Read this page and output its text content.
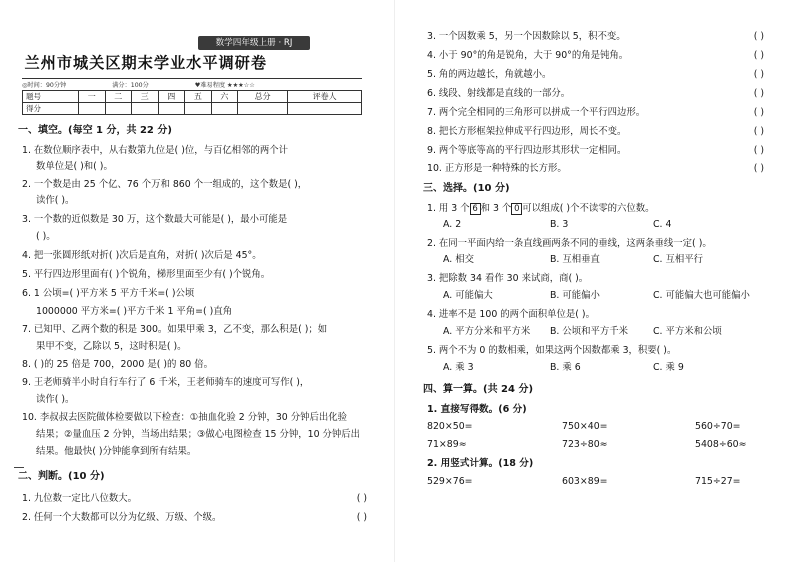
数学四年级上册 · RJ
兰州市城关区期末学业水平调研卷
◎时间：90分钟	满分：100分	♥难易程度 ★★★☆☆
题号	一	二	三	四	五	六	总分	评卷人
得分								
一、填空。(每空 1 分，共 22 分)
1. 在数位顺序表中，从右数第九位是( )位，与百亿相邻的两个计
数单位是( )和( )。
2. 一个数是由 25 个亿、76 个万和 860 个一组成的，这个数是( )，
读作( )。
3. 一个数的近似数是 30 万，这个数最大可能是( )，最小可能是
( )。
4. 把一张圆形纸对折( )次后是直角，对折( )次后是 45°。
5. 平行四边形里面有( )个锐角，梯形里面至少有( )个锐角。
6. 1 公顷=( )平方米 5 平方千米=( )公顷
1000000 平方米=( )平方千米 1 平角=( )直角
7. 已知甲、乙两个数的积是 300。如果甲乘 3，乙不变，那么积是( )；如
果甲不变，乙除以 5，这时积是( )。
8. ( )的 25 倍是 700，2000 是( )的 80 倍。
9. 王老师骑半小时自行车行了 6 千米，王老师骑车的速度可写作( )，
读作( )。
10. 李叔叔去医院做体检要做以下检查：①抽血化验 2 分钟，30 分钟后出化验
结果；②量血压 2 分钟，当场出结果；③做心电图检查 15 分钟，10 分钟后出
结果。他最快( )分钟能拿到所有结果。
二、判断。(10 分)
1. 九位数一定比八位数大。	( )
2. 任何一个大数都可以分为亿级、万级、个级。	( )
3. 一个因数乘 5，另一个因数除以 5，积不变。	( )
4. 小于 90°的角是锐角，大于 90°的角是钝角。	( )
5. 角的两边越长，角就越小。	( )
6. 线段、射线都是直线的一部分。	( )
7. 两个完全相同的三角形可以拼成一个平行四边形。	( )
8. 把长方形框架拉伸成平行四边形，周长不变。	( )
9. 两个等底等高的平行四边形其形状一定相同。	( )
10. 正方形是一种特殊的长方形。	( )
三、选择。(10 分)
1. 用 3 个 6 和 3 个 0 可以组成( )个不读零的六位数。
A. 2	B. 3	C. 4
2. 在同一平面内给一条直线画两条不同的垂线，这两条垂线一定( )。
A. 相交	B. 互相垂直	C. 互相平行
3. 把除数 34 看作 30 来试商，商( )。
A. 可能偏大	B. 可能偏小	C. 可能偏大也可能偏小
4. 进率不是 100 的两个面积单位是( )。
A. 平方分米和平方米 B. 公顷和平方千米	C. 平方米和公顷
5. 两个不为 0 的数相乘，如果这两个因数都乘 3，积要( )。
A. 乘 3	B. 乘 6	C. 乘 9
四、算一算。(共 24 分)
1. 直接写得数。(6 分)
820×50=	750×40=	560÷70=
71×89≈	723÷80≈	5408÷60≈
2. 用竖式计算。(18 分)
529×76=	603×89=	715÷27=
